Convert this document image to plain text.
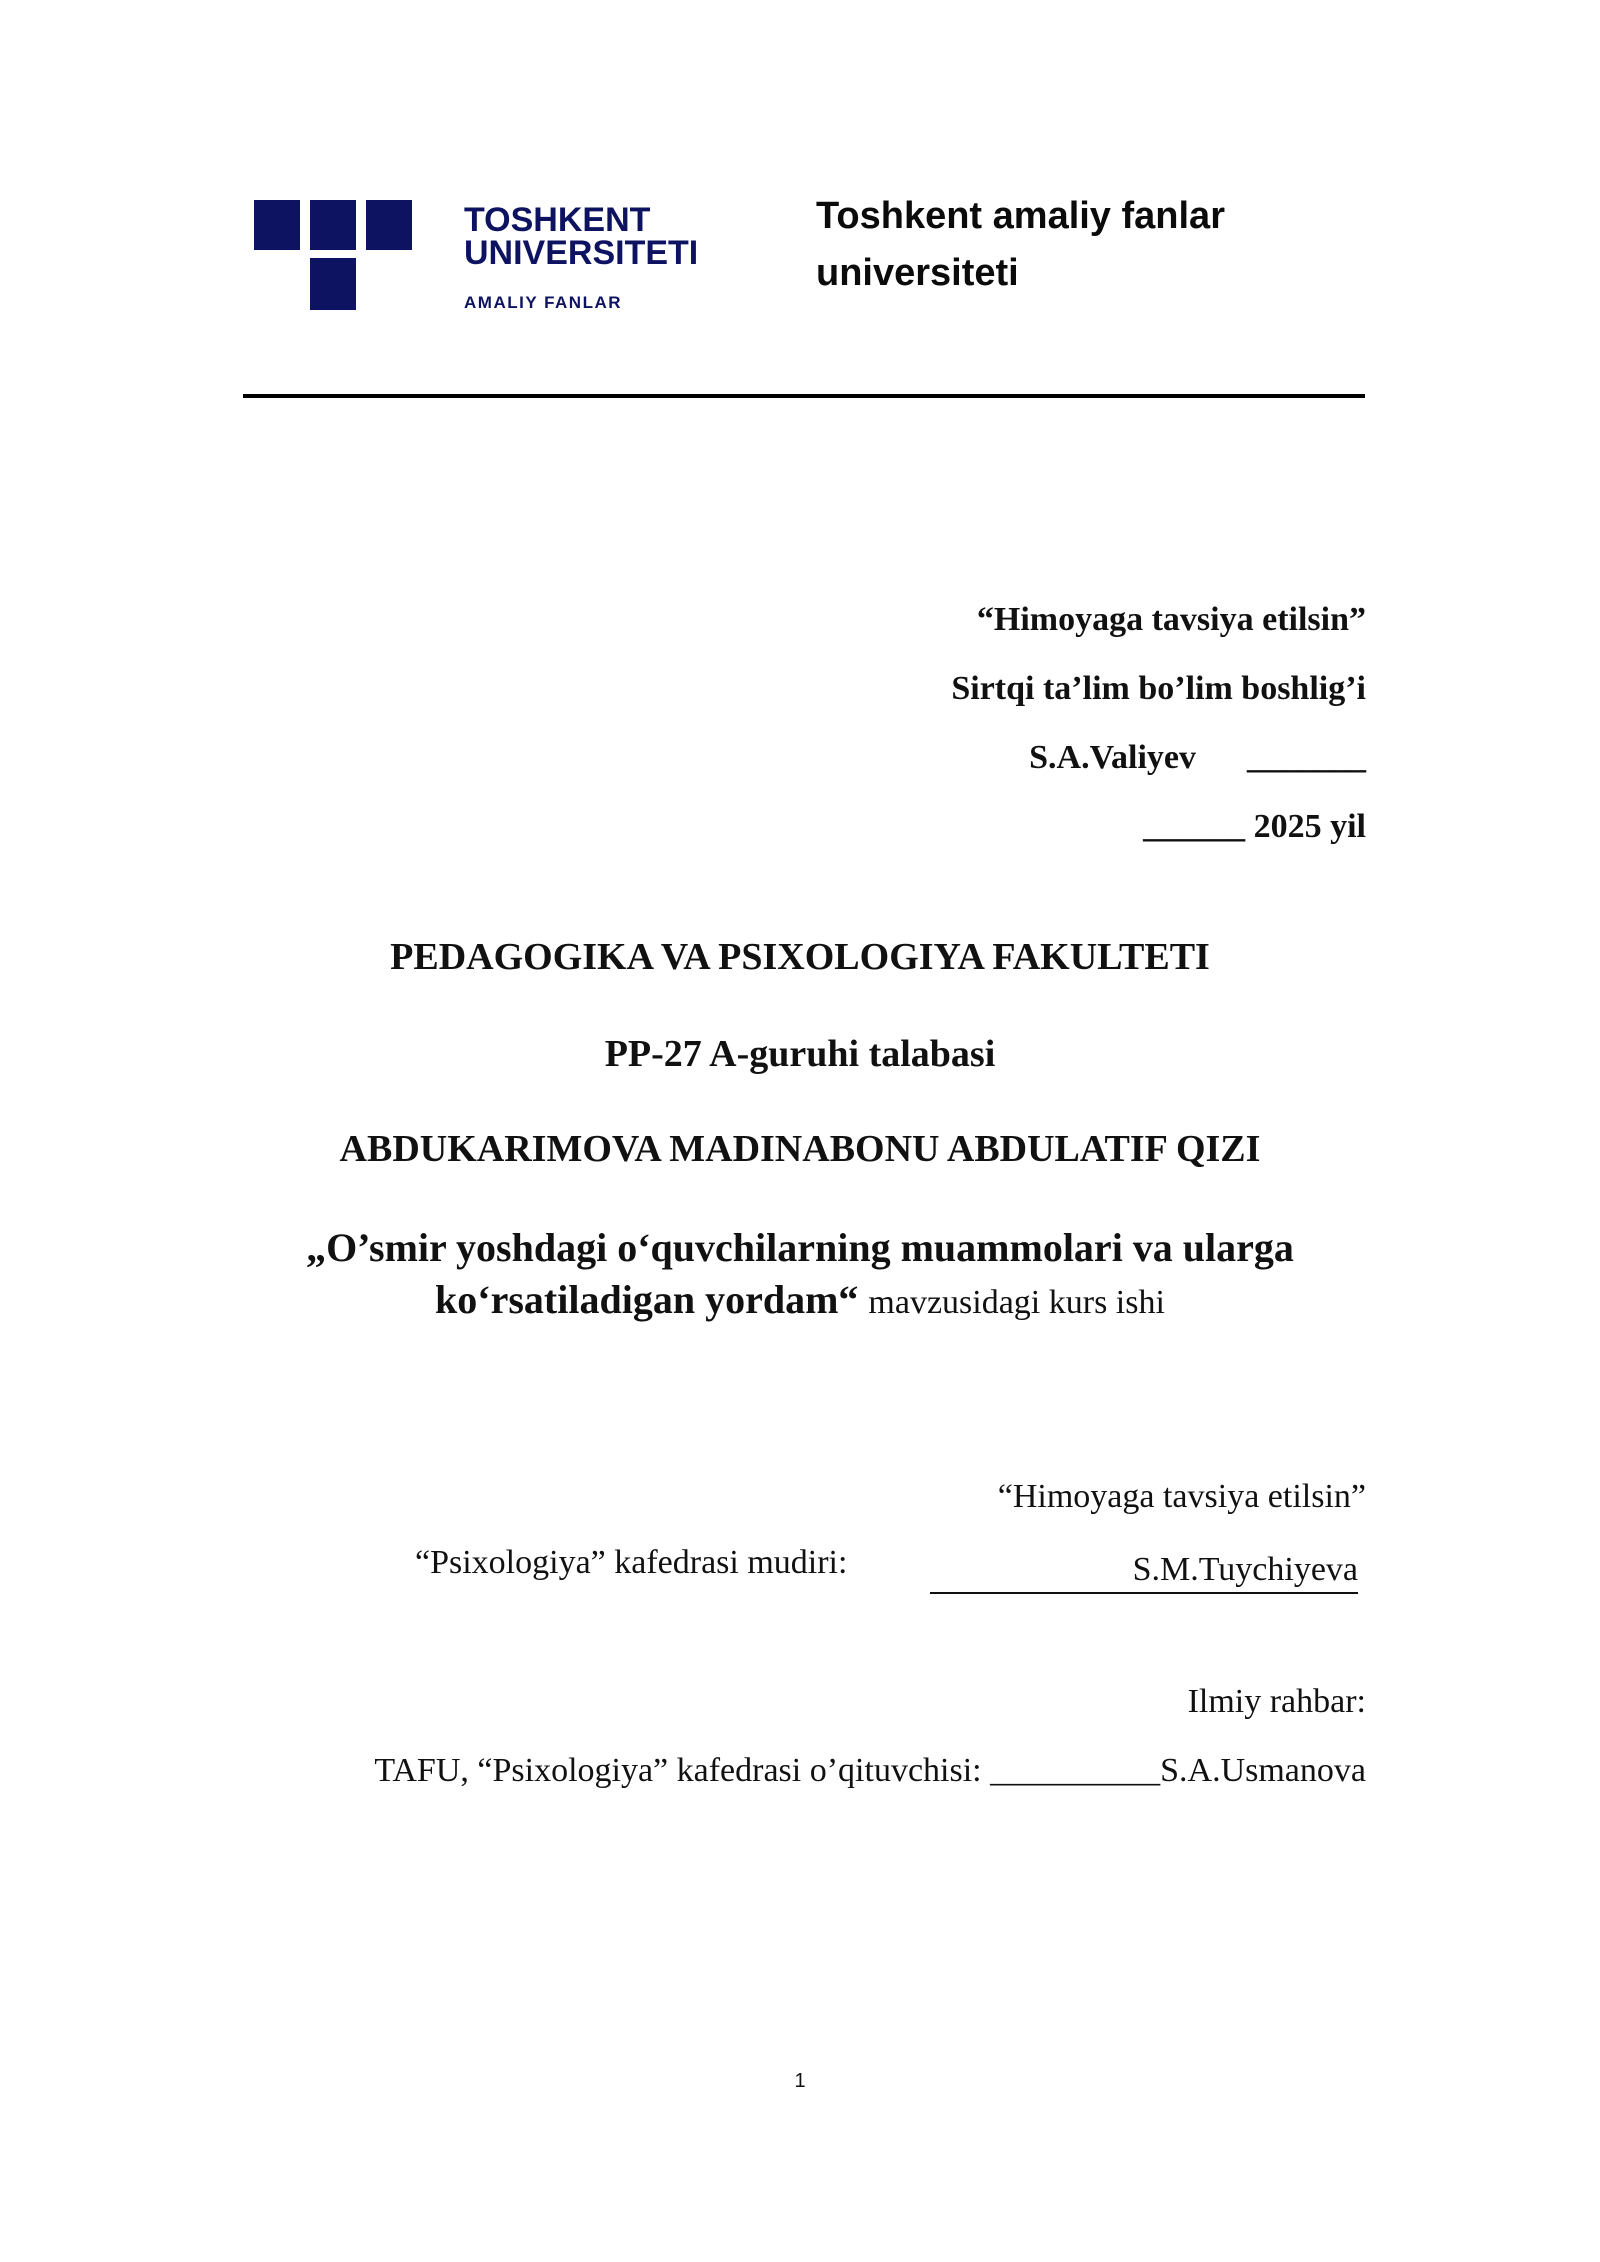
TOSHKENT
UNIVERSITETI
AMALIY FANLAR
Toshkent amaliy fanlar
universiteti
“Himoyaga tavsiya etilsin”
Sirtqi ta’lim bo’lim boshlig’i
S.A.Valiyev      _______
______ 2025 yil
PEDAGOGIKA VA PSIXOLOGIYA FAKULTETI
PP-27 A-guruhi talabasi
ABDUKARIMOVA MADINABONU ABDULATIF QIZI
„O’smir yoshdagi o‘quvchilarning muammolari va ularga
ko‘rsatiladigan yordam“ mavzusidagi kurs ishi
“Himoyaga tavsiya etilsin”
“Psixologiya” kafedrasi mudiri:	S.M.Tuychiyeva
Ilmiy rahbar:
TAFU, “Psixologiya” kafedrasi o’qituvchisi: __________S.A.Usmanova
1
